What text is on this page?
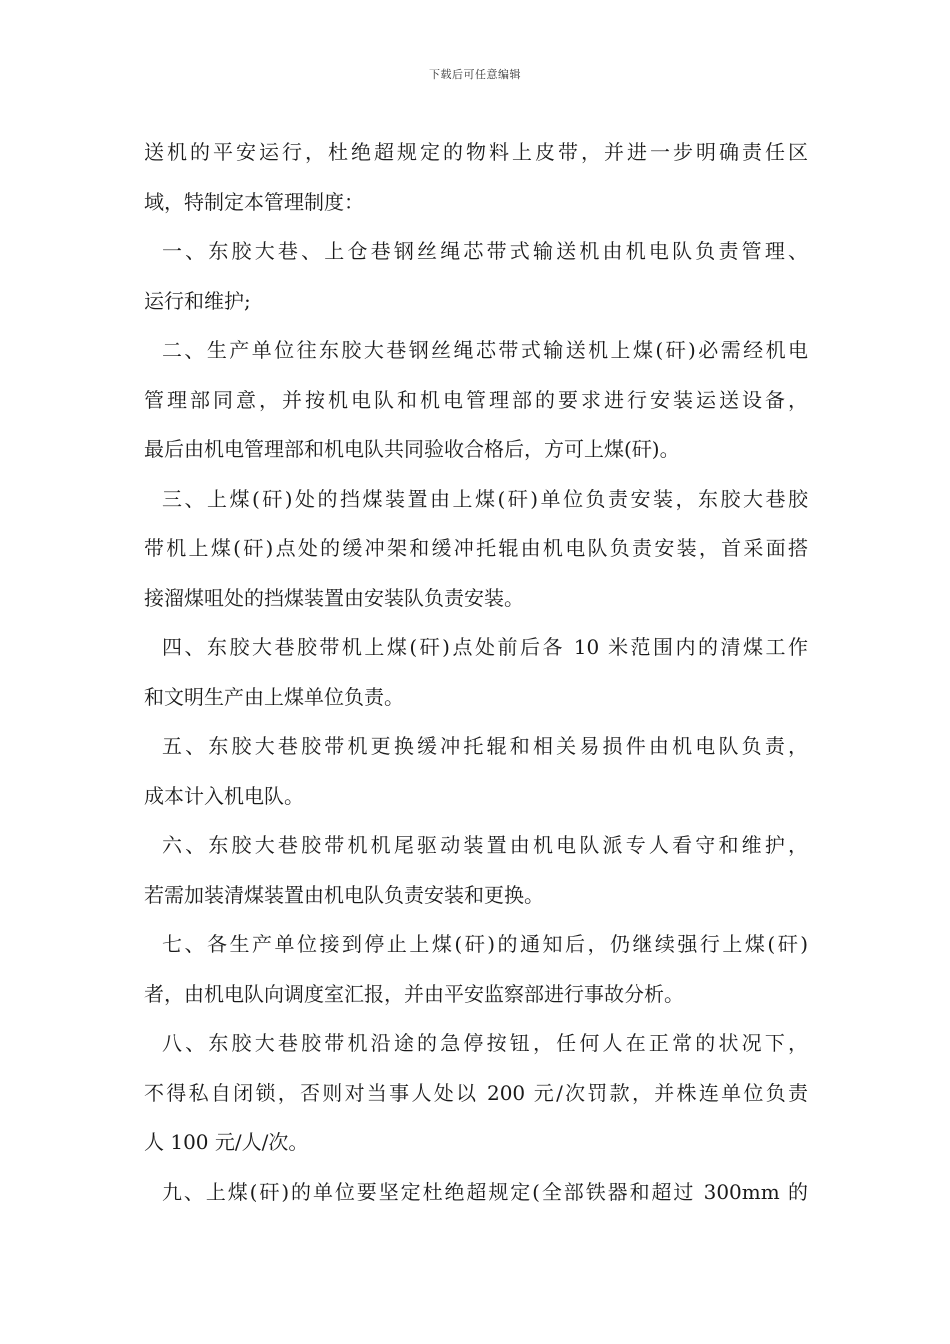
下载后可任意编辑
送机的平安运行，杜绝超规定的物料上皮带，并进一步明确责任区
域，特制定本管理制度：
一、东胶大巷、上仓巷钢丝绳芯带式输送机由机电队负责管理、
运行和维护;
二、生产单位往东胶大巷钢丝绳芯带式输送机上煤(矸)必需经机电
管理部同意，并按机电队和机电管理部的要求进行安装运送设备，
最后由机电管理部和机电队共同验收合格后，方可上煤(矸)。
三、上煤(矸)处的挡煤装置由上煤(矸)单位负责安装，东胶大巷胶
带机上煤(矸)点处的缓冲架和缓冲托辊由机电队负责安装，首采面搭
接溜煤咀处的挡煤装置由安装队负责安装。
四、东胶大巷胶带机上煤(矸)点处前后各 10 米范围内的清煤工作
和文明生产由上煤单位负责。
五、东胶大巷胶带机更换缓冲托辊和相关易损件由机电队负责，
成本计入机电队。
六、东胶大巷胶带机机尾驱动装置由机电队派专人看守和维护，
若需加装清煤装置由机电队负责安装和更换。
七、各生产单位接到停止上煤(矸)的通知后，仍继续强行上煤(矸)
者，由机电队向调度室汇报，并由平安监察部进行事故分析。
八、东胶大巷胶带机沿途的急停按钮，任何人在正常的状况下，
不得私自闭锁，否则对当事人处以 200 元/次罚款，并株连单位负责
人 100 元/人/次。
九、上煤(矸)的单位要坚定杜绝超规定(全部铁器和超过 300mm 的
